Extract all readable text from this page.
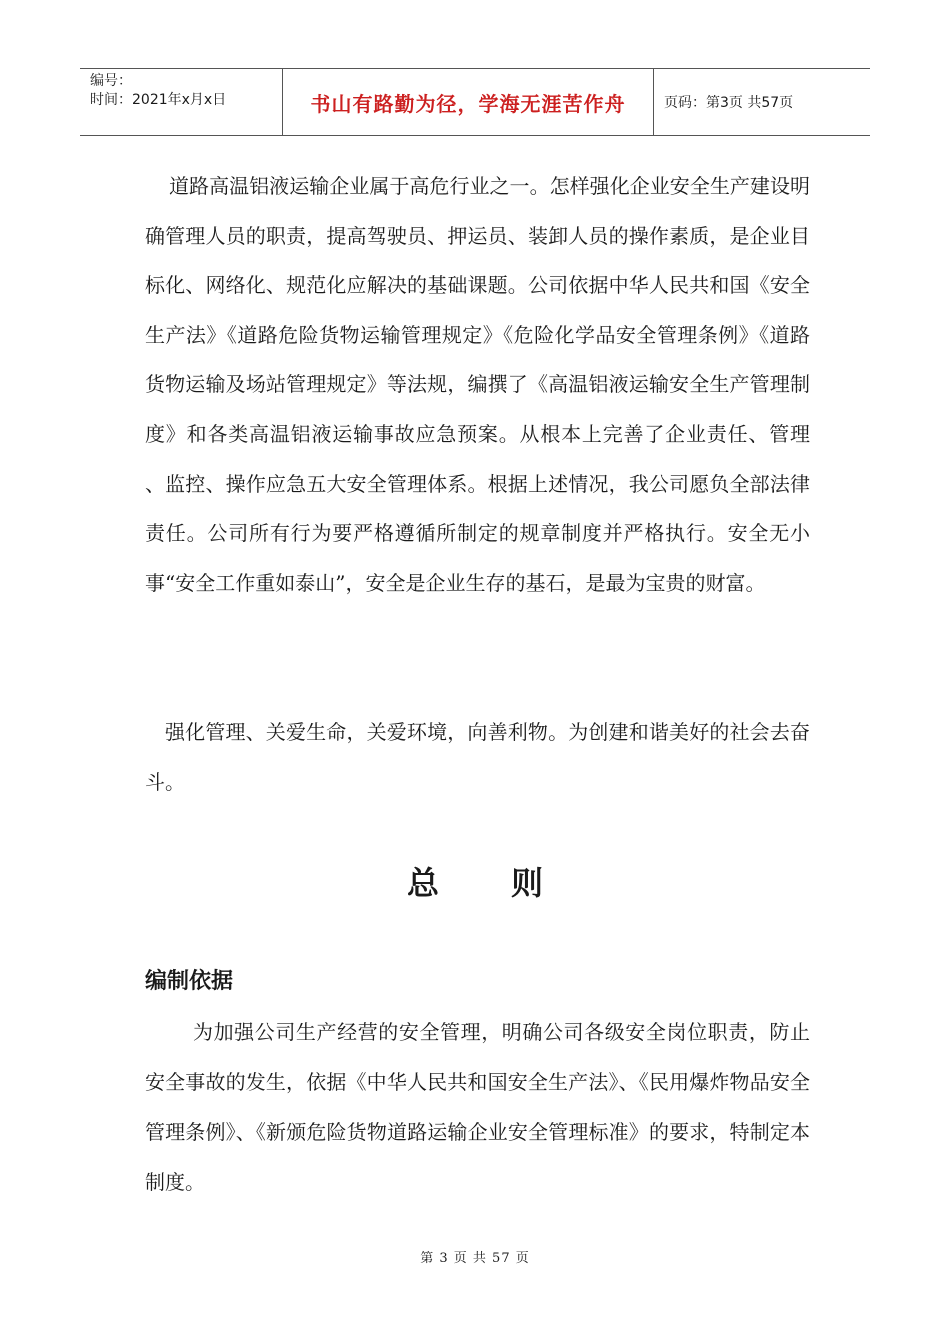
编号：
时间：2021年x月x日	书山有路勤为径，学海无涯苦作舟	页码：第3页 共57页

道路高温铝液运输企业属于高危行业之一。怎样强化企业安全生产建设明确管理人员的职责，提高驾驶员、押运员、装卸人员的操作素质，是企业目标化、网络化、规范化应解决的基础课题。公司依据中华人民共和国《安全生产法》《道路危险货物运输管理规定》《危险化学品安全管理条例》《道路货物运输及场站管理规定》等法规，编撰了《高温铝液运输安全生产管理制度》和各类高温铝液运输事故应急预案。从根本上完善了企业责任、管理 、监控、操作应急五大安全管理体系。根据上述情况，我公司愿负全部法律责任。公司所有行为要严格遵循所制定的规章制度并严格执行。安全无小事“安全工作重如泰山”，安全是企业生存的基石，是最为宝贵的财富。

强化管理、关爱生命，关爱环境，向善利物。为创建和谐美好的社会去奋斗。

总 则
编制依据

为加强公司生产经营的安全管理，明确公司各级安全岗位职责，防止安全事故的发生，依据《中华人民共和国安全生产法》、《民用爆炸物品安全管理条例》、《新颁危险货物道路运输企业安全管理标准》的要求，特制定本制度。

第 3 页 共 57 页
